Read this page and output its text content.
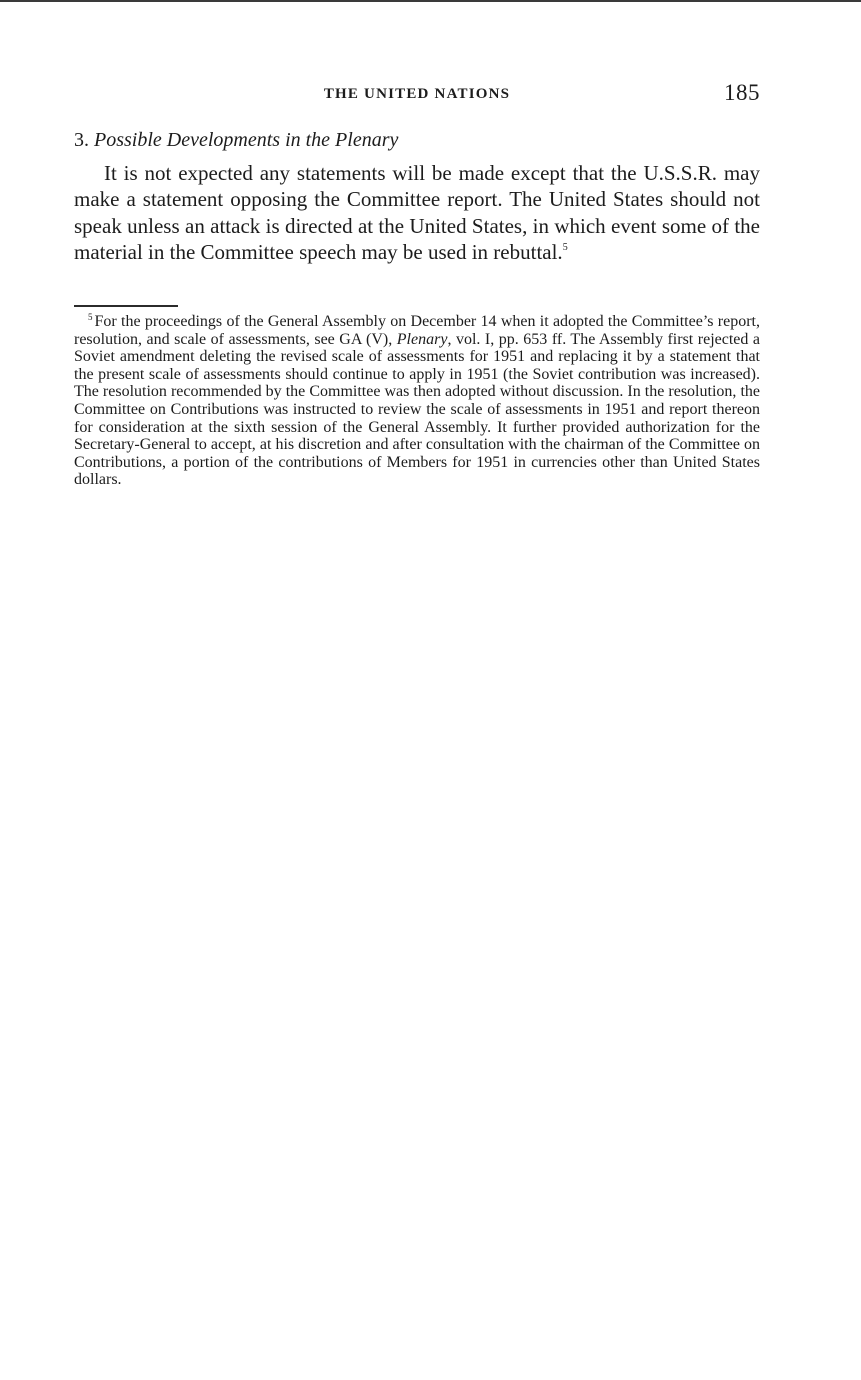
THE UNITED NATIONS	185
3. Possible Developments in the Plenary

It is not expected any statements will be made except that the U.S.S.R. may make a statement opposing the Committee report. The United States should not speak unless an attack is directed at the United States, in which event some of the material in the Committee speech may be used in rebuttal.$^5$

$^5$ For the proceedings of the General Assembly on December 14 when it adopted the Committee’s report, resolution, and scale of assessments, see GA (V), Plenary, vol. I, pp. 653 ff. The Assembly first rejected a Soviet amendment deleting the revised scale of assessments for 1951 and replacing it by a statement that the present scale of assessments should continue to apply in 1951 (the Soviet contribution was increased). The resolution recommended by the Committee was then adopted without discussion. In the resolution, the Committee on Contributions was instructed to review the scale of assessments in 1951 and report thereon for consideration at the sixth session of the General Assembly. It further provided authorization for the Secretary-General to accept, at his discretion and after consultation with the chairman of the Committee on Contributions, a portion of the contributions of Members for 1951 in currencies other than United States dollars.
